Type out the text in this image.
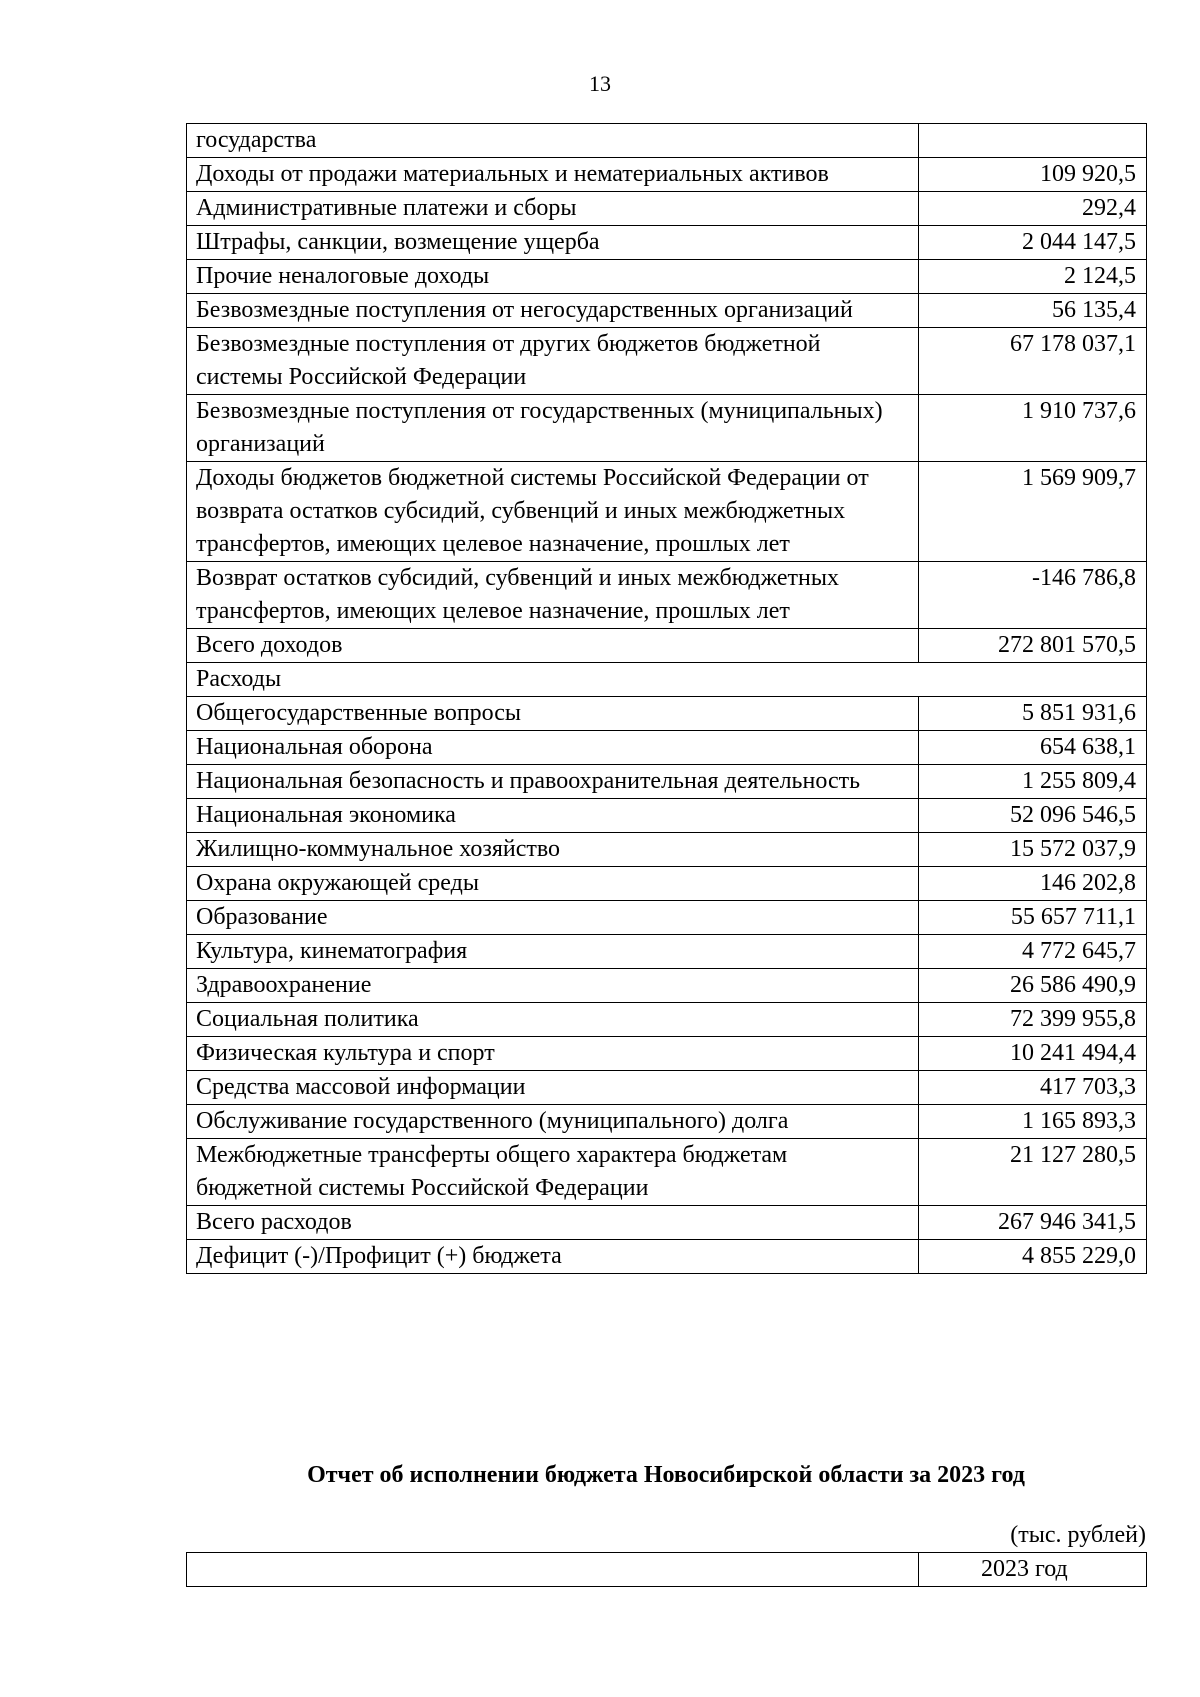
13
государства	
Доходы от продажи материальных и нематериальных активов	109 920,5
Административные платежи и сборы	292,4
Штрафы, санкции, возмещение ущерба	2 044 147,5
Прочие неналоговые доходы	2 124,5
Безвозмездные поступления от негосударственных организаций	56 135,4
Безвозмездные поступления от других бюджетов бюджетной системы Российской Федерации	67 178 037,1
Безвозмездные поступления от государственных (муниципальных) организаций	1 910 737,6
Доходы бюджетов бюджетной системы Российской Федерации от возврата остатков субсидий, субвенций и иных межбюджетных трансфертов, имеющих целевое назначение, прошлых лет	1 569 909,7
Возврат остатков субсидий, субвенций и иных межбюджетных трансфертов, имеющих целевое назначение, прошлых лет	-146 786,8
Всего доходов	272 801 570,5
Расходы	
Общегосударственные вопросы	5 851 931,6
Национальная оборона	654 638,1
Национальная безопасность и правоохранительная деятельность	1 255 809,4
Национальная экономика	52 096 546,5
Жилищно-коммунальное хозяйство	15 572 037,9
Охрана окружающей среды	146 202,8
Образование	55 657 711,1
Культура, кинематография	4 772 645,7
Здравоохранение	26 586 490,9
Социальная политика	72 399 955,8
Физическая культура и спорт	10 241 494,4
Средства массовой информации	417 703,3
Обслуживание государственного (муниципального) долга	1 165 893,3
Межбюджетные трансферты общего характера бюджетам бюджетной системы Российской Федерации	21 127 280,5
Всего расходов	267 946 341,5
Дефицит (-)/Профицит (+) бюджета	4 855 229,0
Отчет об исполнении бюджета Новосибирской области за 2023 год
(тыс. рублей)
	2023 год
